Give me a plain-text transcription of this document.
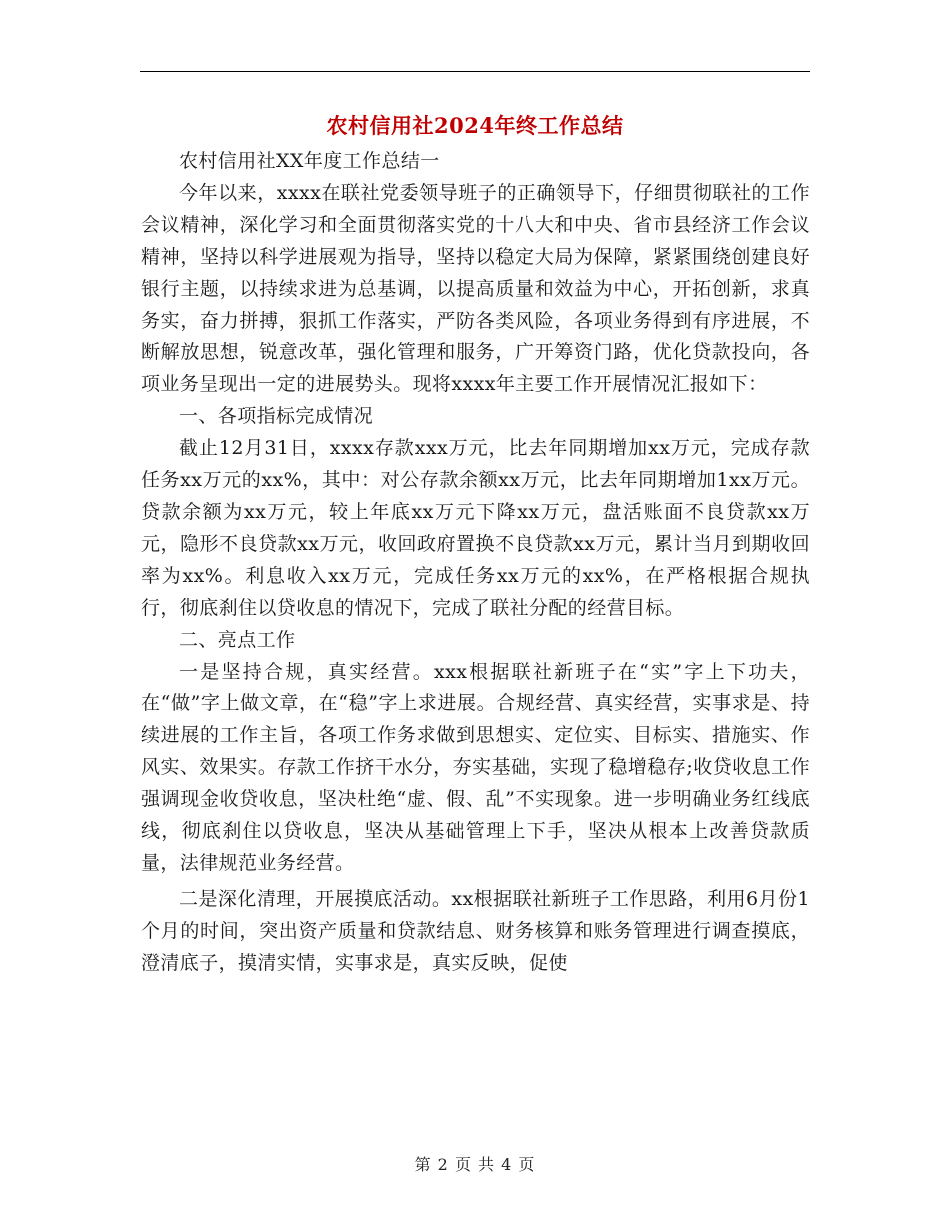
农村信用社2024年终工作总结

农村信用社XX年度工作总结一

今年以来，xxxx在联社党委领导班子的正确领导下，仔细贯彻联社的工作会议精神，深化学习和全面贯彻落实党的十八大和中央、省市县经济工作会议精神，坚持以科学进展观为指导，坚持以稳定大局为保障，紧紧围绕创建良好银行主题，以持续求进为总基调，以提高质量和效益为中心，开拓创新，求真务实，奋力拼搏，狠抓工作落实，严防各类风险，各项业务得到有序进展，不断解放思想，锐意改革，强化管理和服务，广开筹资门路，优化贷款投向，各项业务呈现出一定的进展势头。现将xxxx年主要工作开展情况汇报如下：

一、各项指标完成情况

截止12月31日，xxxx存款xxx万元，比去年同期增加xx万元，完成存款任务xx万元的xx%，其中：对公存款余额xx万元，比去年同期增加1xx万元。贷款余额为xx万元，较上年底xx万元下降xx万元，盘活账面不良贷款xx万元，隐形不良贷款xx万元，收回政府置换不良贷款xx万元，累计当月到期收回率为xx%。利息收入xx万元，完成任务xx万元的xx%，在严格根据合规执行，彻底刹住以贷收息的情况下，完成了联社分配的经营目标。

二、亮点工作

一是坚持合规，真实经营。xxx根据联社新班子在“实”字上下功夫，在“做”字上做文章，在“稳”字上求进展。合规经营、真实经营，实事求是、持续进展的工作主旨，各项工作务求做到思想实、定位实、目标实、措施实、作风实、效果实。存款工作挤干水分，夯实基础，实现了稳增稳存;收贷收息工作强调现金收贷收息，坚决杜绝“虚、假、乱”不实现象。进一步明确业务红线底线，彻底刹住以贷收息，坚决从基础管理上下手，坚决从根本上改善贷款质量，法律规范业务经营。

二是深化清理，开展摸底活动。xx根据联社新班子工作思路，利用6月份1个月的时间，突出资产质量和贷款结息、财务核算和账务管理进行调查摸底，澄清底子，摸清实情，实事求是，真实反映，促使

第 2 页 共 4 页
